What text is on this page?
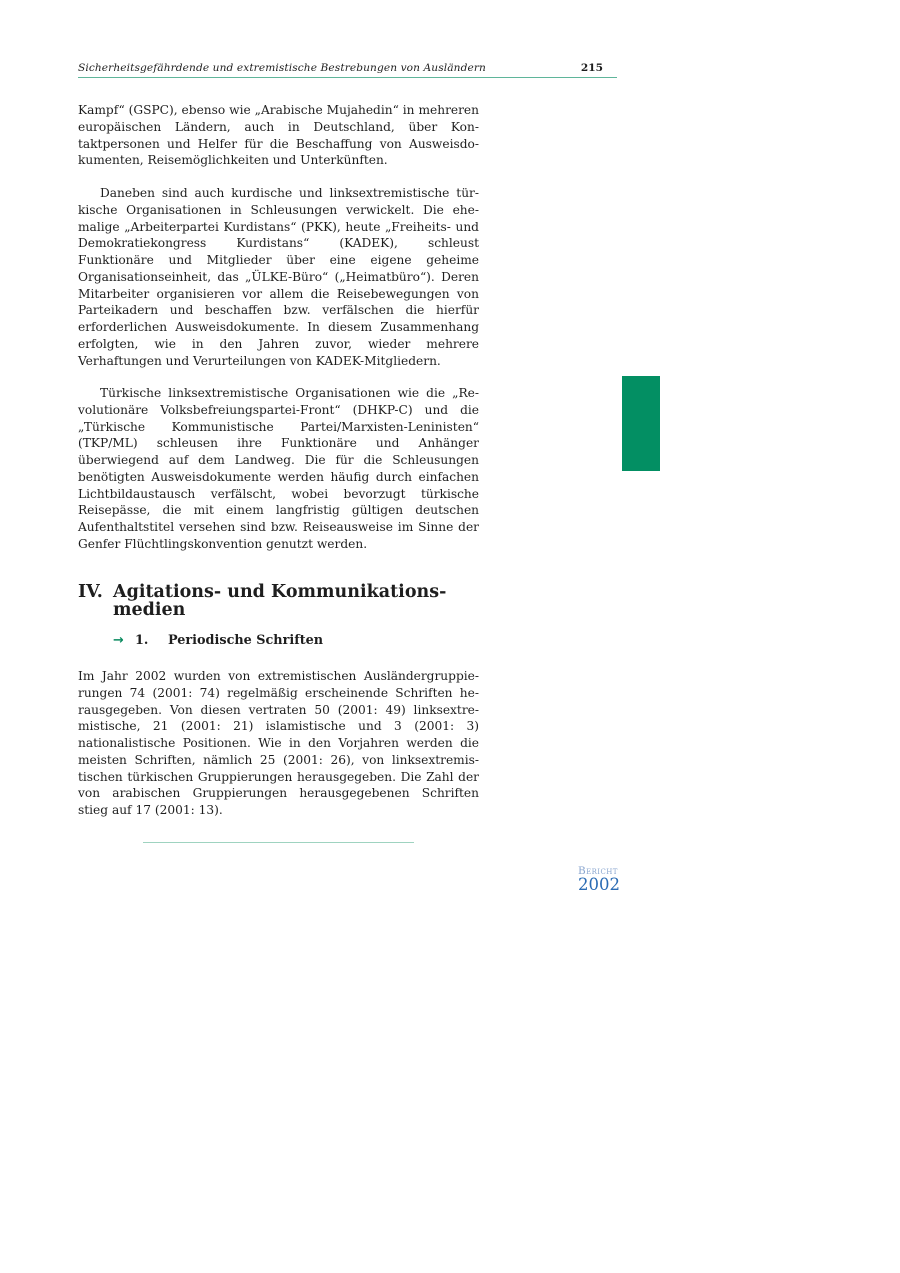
Sicherheitsgefährdende und extremistische Bestrebungen von Ausländern	215

Kampf“ (GSPC), ebenso wie „Arabische Mujahedin“ in mehreren europäischen Ländern, auch in Deutschland, über Kontaktpersonen und Helfer für die Beschaffung von Ausweisdokumenten, Reisemöglichkeiten und Unterkünften.

Daneben sind auch kurdische und linksextremistische türkische Organisationen in Schleusungen verwickelt. Die ehemalige „Arbeiterpartei Kurdistans“ (PKK), heute „Freiheits- und Demokratiekongress Kurdistans“ (KADEK), schleust Funktionäre und Mitglieder über eine eigene geheime Organisationseinheit, das „ÜLKE-Büro“ („Heimatbüro“). Deren Mitarbeiter organisieren vor allem die Reisebewegungen von Parteikadern und beschaffen bzw. verfälschen die hierfür erforderlichen Ausweisdokumente. In diesem Zusammenhang erfolgten, wie in den Jahren zuvor, wieder mehrere Verhaftungen und Verurteilungen von KADEK-Mitgliedern.

Türkische linksextremistische Organisationen wie die „Revolutionäre Volksbefreiungspartei-Front“ (DHKP-C) und die „Türkische Kommunistische Partei/Marxisten-Leninisten“ (TKP/ML) schleusen ihre Funktionäre und Anhänger überwiegend auf dem Landweg. Die für die Schleusungen benötigten Ausweisdokumente werden häufig durch einfachen Lichtbildaustausch verfälscht, wobei bevorzugt türkische Reisepässe, die mit einem langfristig gültigen deutschen Aufenthaltstitel versehen sind bzw. Reiseausweise im Sinne der Genfer Flüchtlingskonvention genutzt werden.

IV. Agitations- und Kommunikationsmedien
→ 1. Periodische Schriften

Im Jahr 2002 wurden von extremistischen Ausländergruppierungen 74 (2001: 74) regelmäßig erscheinende Schriften herausgegeben. Von diesen vertraten 50 (2001: 49) linksextremistische, 21 (2001: 21) islamistische und 3 (2001: 3) nationalistische Positionen. Wie in den Vorjahren werden die meisten Schriften, nämlich 25 (2001: 26), von linksextremistischen türkischen Gruppierungen herausgegeben. Die Zahl der von arabischen Gruppierungen herausgegebenen Schriften stieg auf 17 (2001: 13).

Bericht
2002
